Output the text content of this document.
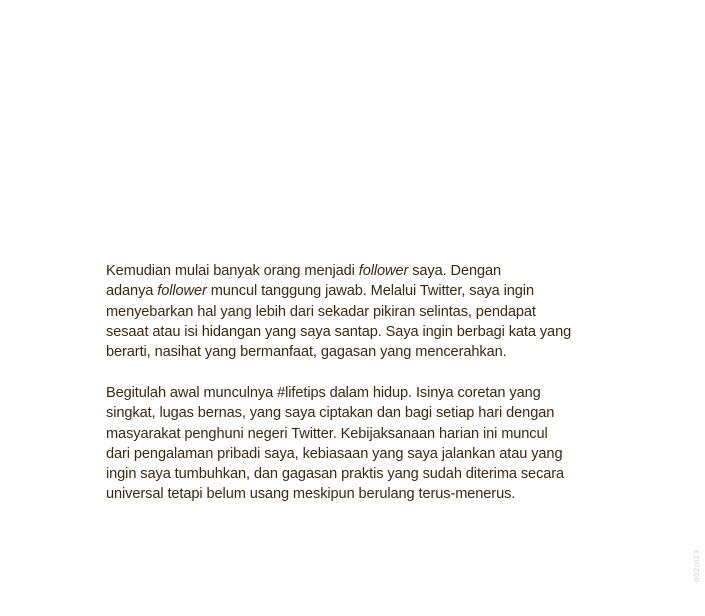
Kemudian mulai banyak orang menjadi follower saya. Dengan
adanya follower muncul tanggung jawab. Melalui Twitter, saya ingin
menyebarkan hal yang lebih dari sekadar pikiran selintas, pendapat
sesaat atau isi hidangan yang saya santap. Saya ingin berbagi kata yang
berarti, nasihat yang bermanfaat, gagasan yang mencerahkan.

Begitulah awal munculnya #lifetips dalam hidup. Isinya coretan yang
singkat, lugas bernas, yang saya ciptakan dan bagi setiap hari dengan
masyarakat penghuni negeri Twitter. Kebijaksanaan harian ini muncul
dari pengalaman pribadi saya, kebiasaan yang saya jalankan atau yang
ingin saya tumbuhkan, dan gagasan praktis yang sudah diterima secara
universal tetapi belum usang meskipun berulang terus-menerus.

002/023
